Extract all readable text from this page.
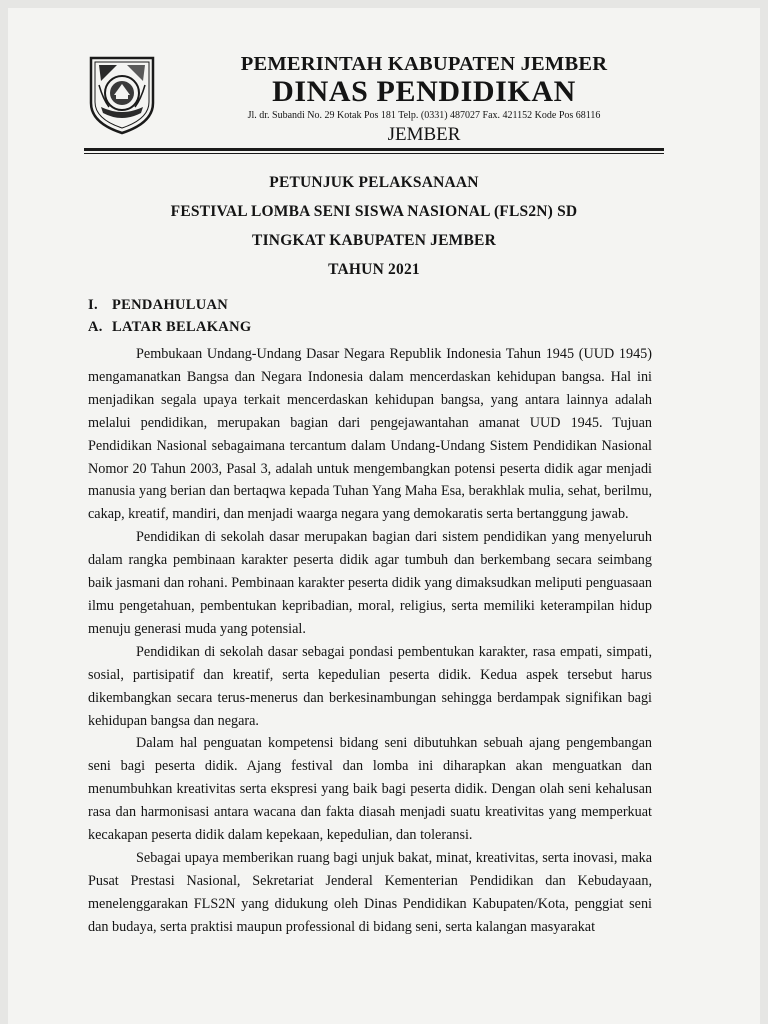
PEMERINTAH KABUPATEN JEMBER
DINAS PENDIDIKAN
Jl. dr. Subandi No. 29 Kotak Pos 181 Telp. (0331) 487027 Fax. 421152 Kode Pos 68116
JEMBER
PETUNJUK PELAKSANAAN
FESTIVAL LOMBA SENI SISWA NASIONAL (FLS2N) SD
TINGKAT KABUPATEN JEMBER
TAHUN 2021
I. PENDAHULUAN
A. LATAR BELAKANG

Pembukaan Undang-Undang Dasar Negara Republik Indonesia Tahun 1945 (UUD 1945) mengamanatkan Bangsa dan Negara Indonesia dalam mencerdaskan kehidupan bangsa. Hal ini menjadikan segala upaya terkait mencerdaskan kehidupan bangsa, yang antara lainnya adalah melalui pendidikan, merupakan bagian dari pengejawantahan amanat UUD 1945. Tujuan Pendidikan Nasional sebagaimana tercantum dalam Undang-Undang Sistem Pendidikan Nasional Nomor 20 Tahun 2003, Pasal 3, adalah untuk mengembangkan potensi peserta didik agar menjadi manusia yang berian dan bertaqwa kepada Tuhan Yang Maha Esa, berakhlak mulia, sehat, berilmu, cakap, kreatif, mandiri, dan menjadi waarga negara yang demokaratis serta bertanggung jawab.

Pendidikan di sekolah dasar merupakan bagian dari sistem pendidikan yang menyeluruh dalam rangka pembinaan karakter peserta didik agar tumbuh dan berkembang secara seimbang baik jasmani dan rohani. Pembinaan karakter peserta didik yang dimaksudkan meliputi penguasaan ilmu pengetahuan, pembentukan kepribadian, moral, religius, serta memiliki keterampilan hidup menuju generasi muda yang potensial.

Pendidikan di sekolah dasar sebagai pondasi pembentukan karakter, rasa empati, simpati, sosial, partisipatif dan kreatif, serta kepedulian peserta didik. Kedua aspek tersebut harus dikembangkan secara terus-menerus dan berkesinambungan sehingga berdampak signifikan bagi kehidupan bangsa dan negara.

Dalam hal penguatan kompetensi bidang seni dibutuhkan sebuah ajang pengembangan seni bagi peserta didik. Ajang festival dan lomba ini diharapkan akan menguatkan dan menumbuhkan kreativitas serta ekspresi yang baik bagi peserta didik. Dengan olah seni kehalusan rasa dan harmonisasi antara wacana dan fakta diasah menjadi suatu kreativitas yang memperkuat kecakapan peserta didik dalam kepekaan, kepedulian, dan toleransi.

Sebagai upaya memberikan ruang bagi unjuk bakat, minat, kreativitas, serta inovasi, maka Pusat Prestasi Nasional, Sekretariat Jenderal Kementerian Pendidikan dan Kebudayaan, menelenggarakan FLS2N yang didukung oleh Dinas Pendidikan Kabupaten/Kota, penggiat seni dan budaya, serta praktisi maupun professional di bidang seni, serta kalangan masyarakat
